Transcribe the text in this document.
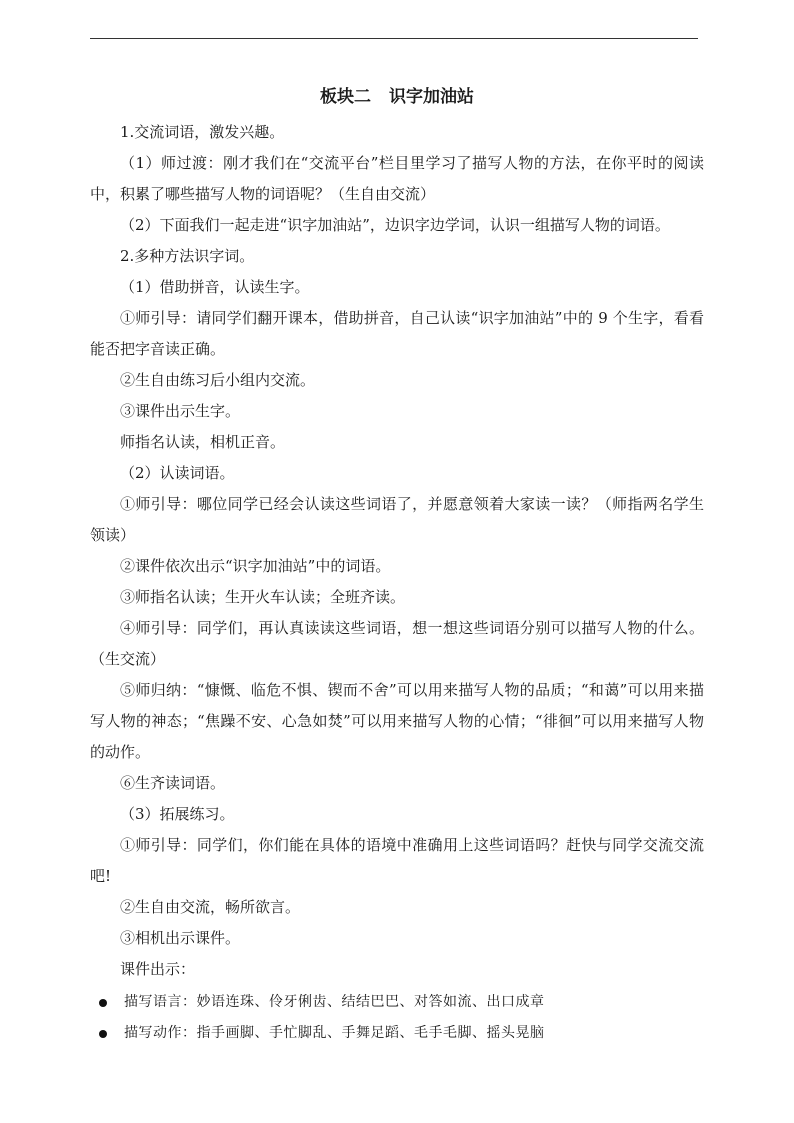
板块二 识字加油站

1.交流词语，激发兴趣。

（1）师过渡：刚才我们在“交流平台”栏目里学习了描写人物的方法，在你平时的阅读中，积累了哪些描写人物的词语呢？（生自由交流）

（2）下面我们一起走进“识字加油站”，边识字边学词，认识一组描写人物的词语。

2.多种方法识字词。

（1）借助拼音，认读生字。

①师引导：请同学们翻开课本，借助拼音，自己认读“识字加油站”中的 9 个生字，看看能否把字音读正确。

②生自由练习后小组内交流。

③课件出示生字。

师指名认读，相机正音。

（2）认读词语。

①师引导：哪位同学已经会认读这些词语了，并愿意领着大家读一读？（师指两名学生领读）

②课件依次出示“识字加油站”中的词语。

③师指名认读；生开火车认读；全班齐读。

④师引导：同学们，再认真读读这些词语，想一想这些词语分别可以描写人物的什么。（生交流）

⑤师归纳：“慷慨、临危不惧、锲而不舍”可以用来描写人物的品质；“和蔼”可以用来描写人物的神态；“焦躁不安、心急如焚”可以用来描写人物的心情；“徘徊”可以用来描写人物的动作。

⑥生齐读词语。

（3）拓展练习。

①师引导：同学们，你们能在具体的语境中准确用上这些词语吗？赶快与同学交流交流吧!

②生自由交流，畅所欲言。

③相机出示课件。

课件出示：

描写语言：妙语连珠、伶牙俐齿、结结巴巴、对答如流、出口成章

描写动作：指手画脚、手忙脚乱、手舞足蹈、毛手毛脚、摇头晃脑
